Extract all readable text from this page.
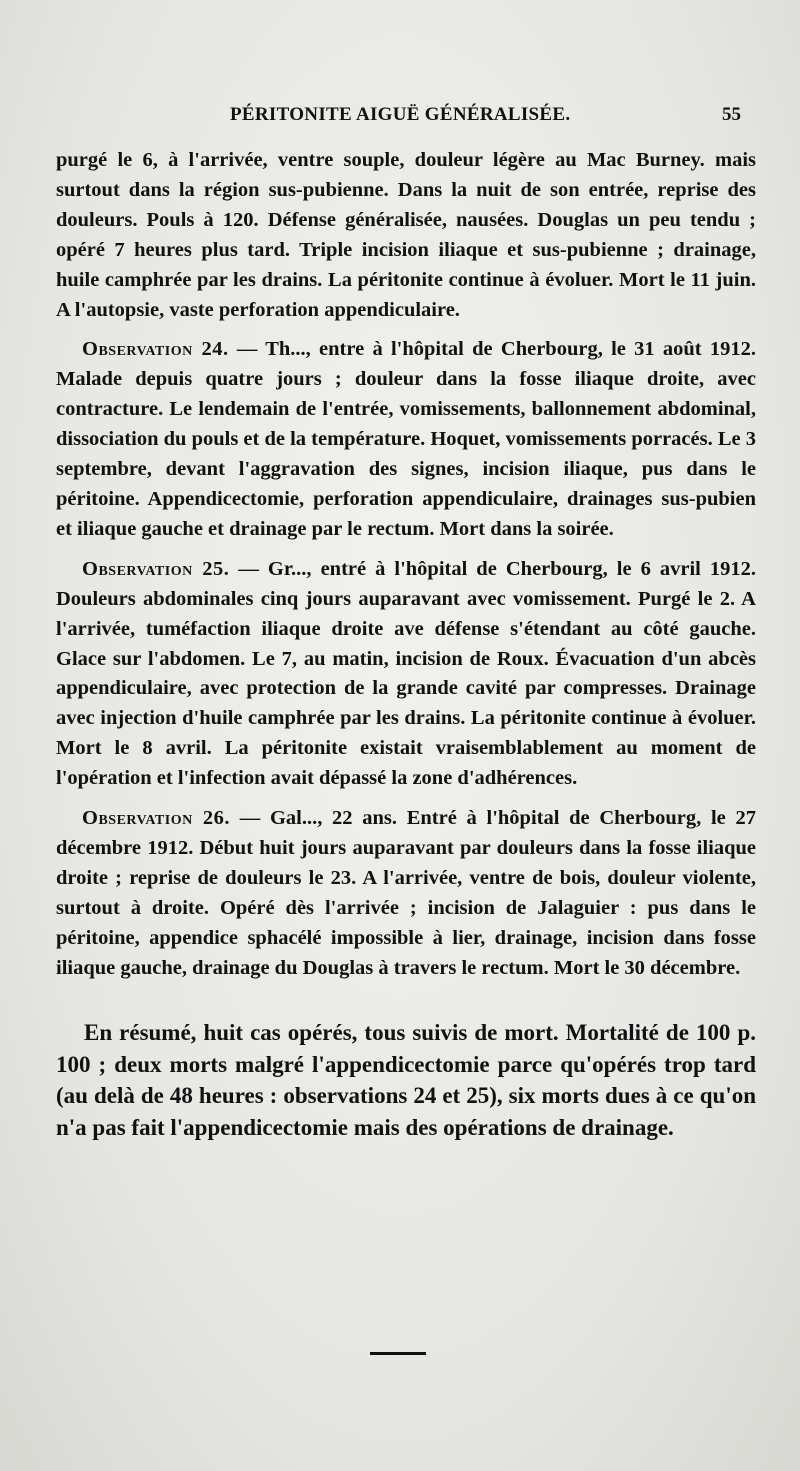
PÉRITONITE AIGUË GÉNÉRALISÉE.	55

purgé le 6, à l'arrivée, ventre souple, douleur légère au Mac Burney. mais surtout dans la région sus-pubienne. Dans la nuit de son entrée, reprise des douleurs. Pouls à 120. Défense généralisée, nausées. Douglas un peu tendu ; opéré 7 heures plus tard. Triple incision iliaque et sus-pubienne ; drainage, huile camphrée par les drains. La péritonite continue à évoluer. Mort le 11 juin. A l'autopsie, vaste perforation appendiculaire.

Observation 24. — Th..., entre à l'hôpital de Cherbourg, le 31 août 1912. Malade depuis quatre jours ; douleur dans la fosse iliaque droite, avec contracture. Le lendemain de l'entrée, vomissements, ballonnement abdominal, dissociation du pouls et de la température. Hoquet, vomissements porracés. Le 3 septembre, devant l'aggravation des signes, incision iliaque, pus dans le péritoine. Appendicectomie, perforation appendiculaire, drainages sus-pubien et iliaque gauche et drainage par le rectum. Mort dans la soirée.

Observation 25. — Gr..., entré à l'hôpital de Cherbourg, le 6 avril 1912. Douleurs abdominales cinq jours auparavant avec vomissement. Purgé le 2. A l'arrivée, tuméfaction iliaque droite ave défense s'étendant au côté gauche. Glace sur l'abdomen. Le 7, au matin, incision de Roux. Évacuation d'un abcès appendiculaire, avec protection de la grande cavité par compresses. Drainage avec injection d'huile camphrée par les drains. La péritonite continue à évoluer. Mort le 8 avril. La péritonite existait vraisemblablement au moment de l'opération et l'infection avait dépassé la zone d'adhérences.

Observation 26. — Gal..., 22 ans. Entré à l'hôpital de Cherbourg, le 27 décembre 1912. Début huit jours auparavant par douleurs dans la fosse iliaque droite ; reprise de douleurs le 23. A l'arrivée, ventre de bois, douleur violente, surtout à droite. Opéré dès l'arrivée ; incision de Jalaguier : pus dans le péritoine, appendice sphacélé impossible à lier, drainage, incision dans fosse iliaque gauche, drainage du Douglas à travers le rectum. Mort le 30 décembre.

En résumé, huit cas opérés, tous suivis de mort. Mortalité de 100 p. 100 ; deux morts malgré l'appendicectomie parce qu'opérés trop tard (au delà de 48 heures : observations 24 et 25), six morts dues à ce qu'on n'a pas fait l'appendicectomie mais des opérations de drainage.
